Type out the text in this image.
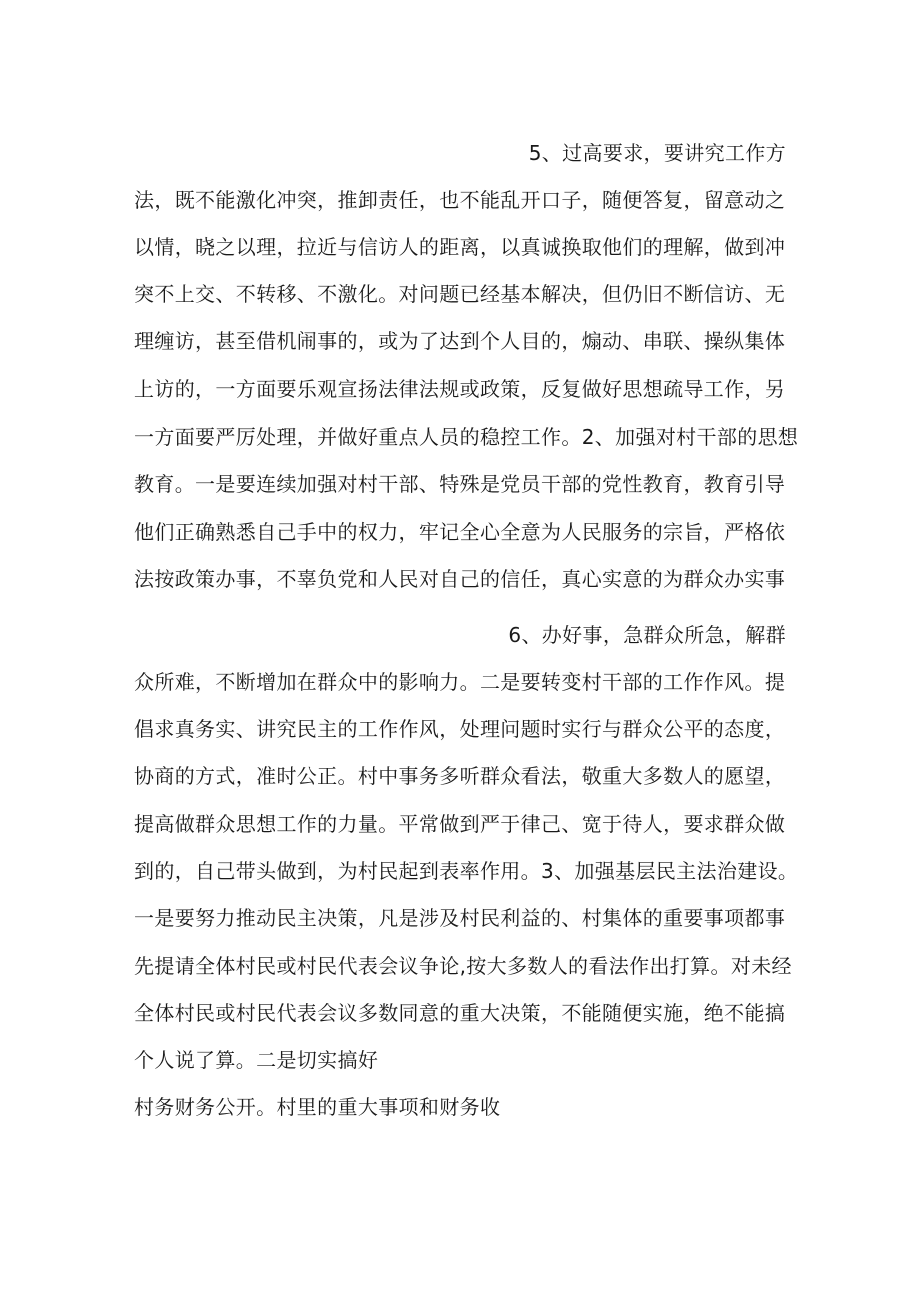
5、过高要求，要讲究工作方
法，既不能激化冲突，推卸责任，也不能乱开口子，随便答复，留意动之
以情，晓之以理，拉近与信访人的距离，以真诚换取他们的理解，做到冲
突不上交、不转移、不激化。对问题已经基本解决，但仍旧不断信访、无
理缠访，甚至借机闹事的，或为了达到个人目的，煽动、串联、操纵集体
上访的，一方面要乐观宣扬法律法规或政策，反复做好思想疏导工作，另
一方面要严厉处理，并做好重点人员的稳控工作。2、加强对村干部的思想
教育。一是要连续加强对村干部、特殊是党员干部的党性教育，教育引导
他们正确熟悉自己手中的权力，牢记全心全意为人民服务的宗旨，严格依
法按政策办事，不辜负党和人民对自己的信任，真心实意的为群众办实事
6、办好事，急群众所急，解群
众所难，不断增加在群众中的影响力。二是要转变村干部的工作作风。提
倡求真务实、讲究民主的工作作风，处理问题时实行与群众公平的态度，
协商的方式，准时公正。村中事务多听群众看法，敬重大多数人的愿望，
提高做群众思想工作的力量。平常做到严于律己、宽于待人，要求群众做
到的，自己带头做到，为村民起到表率作用。3、加强基层民主法治建设。
一是要努力推动民主决策，凡是涉及村民利益的、村集体的重要事项都事
先提请全体村民或村民代表会议争论,按大多数人的看法作出打算。对未经
全体村民或村民代表会议多数同意的重大决策，不能随便实施，绝不能搞
个人说了算。二是切实搞好
村务财务公开。村里的重大事项和财务收
